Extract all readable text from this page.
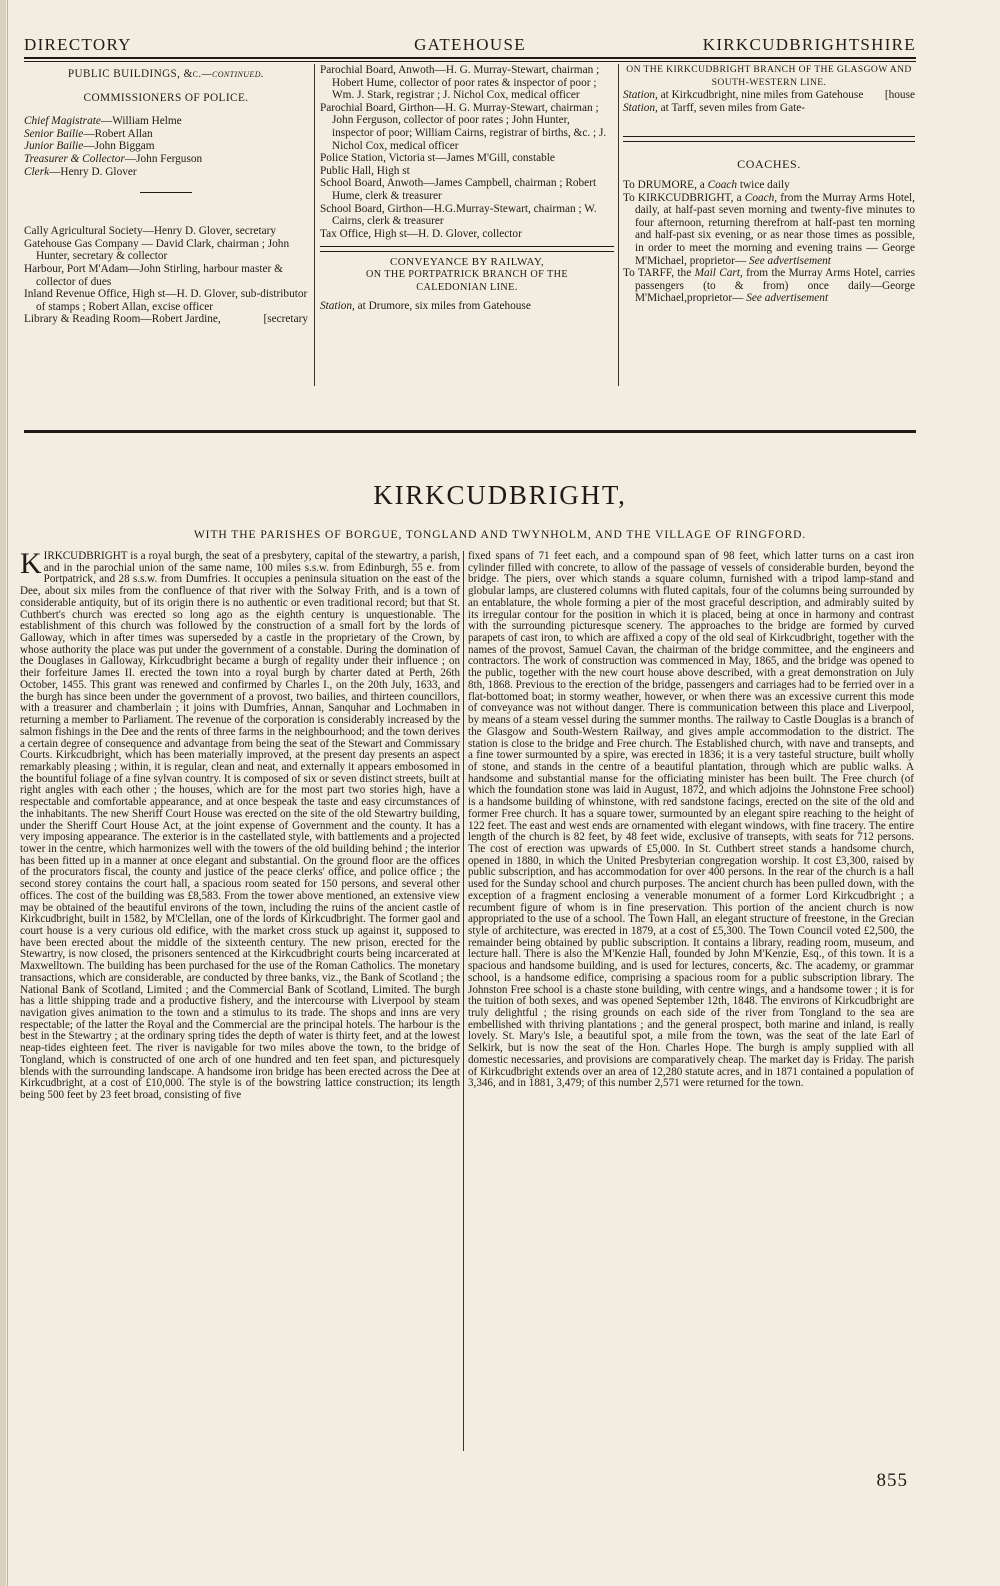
DIRECTORY	GATEHOUSE	KIRKCUDBRIGHTSHIRE
PUBLIC BUILDINGS, &c.—continued.
COMMISSIONERS OF POLICE.
Chief Magistrate—William Helme
Senior Bailie—Robert Allan
Junior Bailie—John Biggam
Treasurer & Collector—John Ferguson
Clerk—Henry D. Glover

Cally Agricultural Society—Henry D. Glover, secretary

Gatehouse Gas Company — David Clark, chairman ; John Hunter, secretary & collector

Harbour, Port M'Adam—John Stirling, harbour master & collector of dues

Inland Revenue Office, High st—H. D. Glover, sub-distributor of stamps ; Robert Allan, excise officer

Library & Reading Room—Robert Jardine,	[secretary

Parochial Board, Anwoth—H. G. Murray-Stewart, chairman ; Hobert Hume, collector of poor rates & inspector of poor ; Wm. J. Stark, registrar ; J. Nichol Cox, medical officer

Parochial Board, Girthon—H. G. Murray-Stewart, chairman ; John Ferguson, collector of poor rates ; John Hunter, inspector of poor; William Cairns, registrar of births, &c. ; J. Nichol Cox, medical officer

Police Station, Victoria st—James M'Gill, constable

Public Hall, High st

School Board, Anwoth—James Campbell, chairman ; Robert Hume, clerk & treasurer

School Board, Girthon—H.G.Murray-Stewart, chairman ; W. Cairns, clerk & treasurer

Tax Office, High st—H. D. Glover, collector

CONVEYANCE BY RAILWAY,
ON THE PORTPATRICK BRANCH OF THE CALEDONIAN LINE.

Station, at Drumore, six miles from Gatehouse

ON THE KIRKCUDBRIGHT BRANCH OF THE GLASGOW AND SOUTH-WESTERN LINE.

Station, at Kirkcudbright, nine miles from Gatehouse [house

Station, at Tarff, seven miles from Gate-

COACHES.

To DRUMORE, a Coach twice daily

To KIRKCUDBRIGHT, a Coach, from the Murray Arms Hotel, daily, at half-past seven morning and twenty-five minutes to four afternoon, returning therefrom at half-past ten morning and half-past six evening, or as near those times as possible, in order to meet the morning and evening trains — George M'Michael, proprietor— See advertisement

To TARFF, the Mail Cart, from the Murray Arms Hotel, carries passengers (to & from) once daily—George M'Michael,proprietor— See advertisement

KIRKCUDBRIGHT,
WITH THE PARISHES OF BORGUE, TONGLAND AND TWYNHOLM, AND THE VILLAGE OF RINGFORD.
KIRKCUDBRIGHT is a royal burgh, the seat of a presbytery, capital of the stewartry, a parish, and in the parochial union of the same name, 100 miles s.s.w. from Edinburgh, 55 e. from Portpatrick, and 28 s.s.w. from Dumfries. It occupies a peninsula situation on the east of the Dee, about six miles from the confluence of that river with the Solway Frith, and is a town of considerable antiquity, but of its origin there is no authentic or even traditional record; but that St. Cuthbert's church was erected so long ago as the eighth century is unquestionable. The establishment of this church was followed by the construction of a small fort by the lords of Galloway, which in after times was superseded by a castle in the proprietary of the Crown, by whose authority the place was put under the government of a constable. During the domination of the Douglases in Galloway, Kirkcudbright became a burgh of regality under their influence ; on their forfeiture James II. erected the town into a royal burgh by charter dated at Perth, 26th October, 1455. This grant was renewed and confirmed by Charles I., on the 20th July, 1633, and the burgh has since been under the government of a provost, two bailies, and thirteen councillors, with a treasurer and chamberlain ; it joins with Dumfries, Annan, Sanquhar and Lochmaben in returning a member to Parliament. The revenue of the corporation is considerably increased by the salmon fishings in the Dee and the rents of three farms in the neighbourhood; and the town derives a certain degree of consequence and advantage from being the seat of the Stewart and Commissary Courts. Kirkcudbright, which has been materially improved, at the present day presents an aspect remarkably pleasing ; within, it is regular, clean and neat, and externally it appears embosomed in the bountiful foliage of a fine sylvan country. It is composed of six or seven distinct streets, built at right angles with each other ; the houses, which are for the most part two stories high, have a respectable and comfortable appearance, and at once bespeak the taste and easy circumstances of the inhabitants. The new Sheriff Court House was erected on the site of the old Stewartry building, under the Sheriff Court House Act, at the joint expense of Government and the county. It has a very imposing appearance. The exterior is in the castellated style, with battlements and a projected tower in the centre, which harmonizes well with the towers of the old building behind ; the interior has been fitted up in a manner at once elegant and substantial. On the ground floor are the offices of the procurators fiscal, the county and justice of the peace clerks' office, and police office ; the second storey contains the court hall, a spacious room seated for 150 persons, and several other offices. The cost of the building was £8,583. From the tower above mentioned, an extensive view may be obtained of the beautiful environs of the town, including the ruins of the ancient castle of Kirkcudbright, built in 1582, by M'Clellan, one of the lords of Kirkcudbright. The former gaol and court house is a very curious old edifice, with the market cross stuck up against it, supposed to have been erected about the middle of the sixteenth century. The new prison, erected for the Stewartry, is now closed, the prisoners sentenced at the Kirkcudbright courts being incarcerated at Maxwelltown. The building has been purchased for the use of the Roman Catholics. The monetary transactions, which are considerable, are conducted by three banks, viz., the Bank of Scotland ; the National Bank of Scotland, Limited ; and the Commercial Bank of Scotland, Limited. The burgh has a little shipping trade and a productive fishery, and the intercourse with Liverpool by steam navigation gives animation to the town and a stimulus to its trade. The shops and inns are very respectable; of the latter the Royal and the Commercial are the principal hotels. The harbour is the best in the Stewartry ; at the ordinary spring tides the depth of water is thirty feet, and at the lowest neap-tides eighteen feet. The river is navigable for two miles above the town, to the bridge of Tongland, which is constructed of one arch of one hundred and ten feet span, and picturesquely blends with the surrounding landscape. A handsome iron bridge has been erected across the Dee at Kirkcudbright, at a cost of £10,000. The style is of the bowstring lattice construction; its length being 500 feet by 23 feet broad, consisting of five
fixed spans of 71 feet each, and a compound span of 98 feet, which latter turns on a cast iron cylinder filled with concrete, to allow of the passage of vessels of considerable burden, beyond the bridge. The piers, over which stands a square column, furnished with a tripod lamp-stand and globular lamps, are clustered columns with fluted capitals, four of the columns being surrounded by an entablature, the whole forming a pier of the most graceful description, and admirably suited by its irregular contour for the position in which it is placed, being at once in harmony and contrast with the surrounding picturesque scenery. The approaches to the bridge are formed by curved parapets of cast iron, to which are affixed a copy of the old seal of Kirkcudbright, together with the names of the provost, Samuel Cavan, the chairman of the bridge committee, and the engineers and contractors. The work of construction was commenced in May, 1865, and the bridge was opened to the public, together with the new court house above described, with a great demonstration on July 8th, 1868. Previous to the erection of the bridge, passengers and carriages had to be ferried over in a flat-bottomed boat; in stormy weather, however, or when there was an excessive current this mode of conveyance was not without danger. There is communication between this place and Liverpool, by means of a steam vessel during the summer months. The railway to Castle Douglas is a branch of the Glasgow and South-Western Railway, and gives ample accommodation to the district. The station is close to the bridge and Free church. The Established church, with nave and transepts, and a fine tower surmounted by a spire, was erected in 1836; it is a very tasteful structure, built wholly of stone, and stands in the centre of a beautiful plantation, through which are public walks. A handsome and substantial manse for the officiating minister has been built. The Free church (of which the foundation stone was laid in August, 1872, and which adjoins the Johnstone Free school) is a handsome building of whinstone, with red sandstone facings, erected on the site of the old and former Free church. It has a square tower, surmounted by an elegant spire reaching to the height of 122 feet. The east and west ends are ornamented with elegant windows, with fine tracery. The entire length of the church is 82 feet, by 48 feet wide, exclusive of transepts, with seats for 712 persons. The cost of erection was upwards of £5,000. In St. Cuthbert street stands a handsome church, opened in 1880, in which the United Presbyterian congregation worship. It cost £3,300, raised by public subscription, and has accommodation for over 400 persons. In the rear of the church is a hall used for the Sunday school and church purposes. The ancient church has been pulled down, with the exception of a fragment enclosing a venerable monument of a former Lord Kirkcudbright ; a recumbent figure of whom is in fine preservation. This portion of the ancient church is now appropriated to the use of a school. The Town Hall, an elegant structure of freestone, in the Grecian style of architecture, was erected in 1879, at a cost of £5,300. The Town Council voted £2,500, the remainder being obtained by public subscription. It contains a library, reading room, museum, and lecture hall. There is also the M'Kenzie Hall, founded by John M'Kenzie, Esq., of this town. It is a spacious and handsome building, and is used for lectures, concerts, &c. The academy, or grammar school, is a handsome edifice, comprising a spacious room for a public subscription library. The Johnston Free school is a chaste stone building, with centre wings, and a handsome tower ; it is for the tuition of both sexes, and was opened September 12th, 1848. The environs of Kirkcudbright are truly delightful ; the rising grounds on each side of the river from Tongland to the sea are embellished with thriving plantations ; and the general prospect, both marine and inland, is really lovely. St. Mary's Isle, a beautiful spot, a mile from the town, was the seat of the late Earl of Selkirk, but is now the seat of the Hon. Charles Hope. The burgh is amply supplied with all domestic necessaries, and provisions are comparatively cheap. The market day is Friday. The parish of Kirkcudbright extends over an area of 12,280 statute acres, and in 1871 contained a population of 3,346, and in 1881, 3,479; of this number 2,571 were returned for the town.
855
